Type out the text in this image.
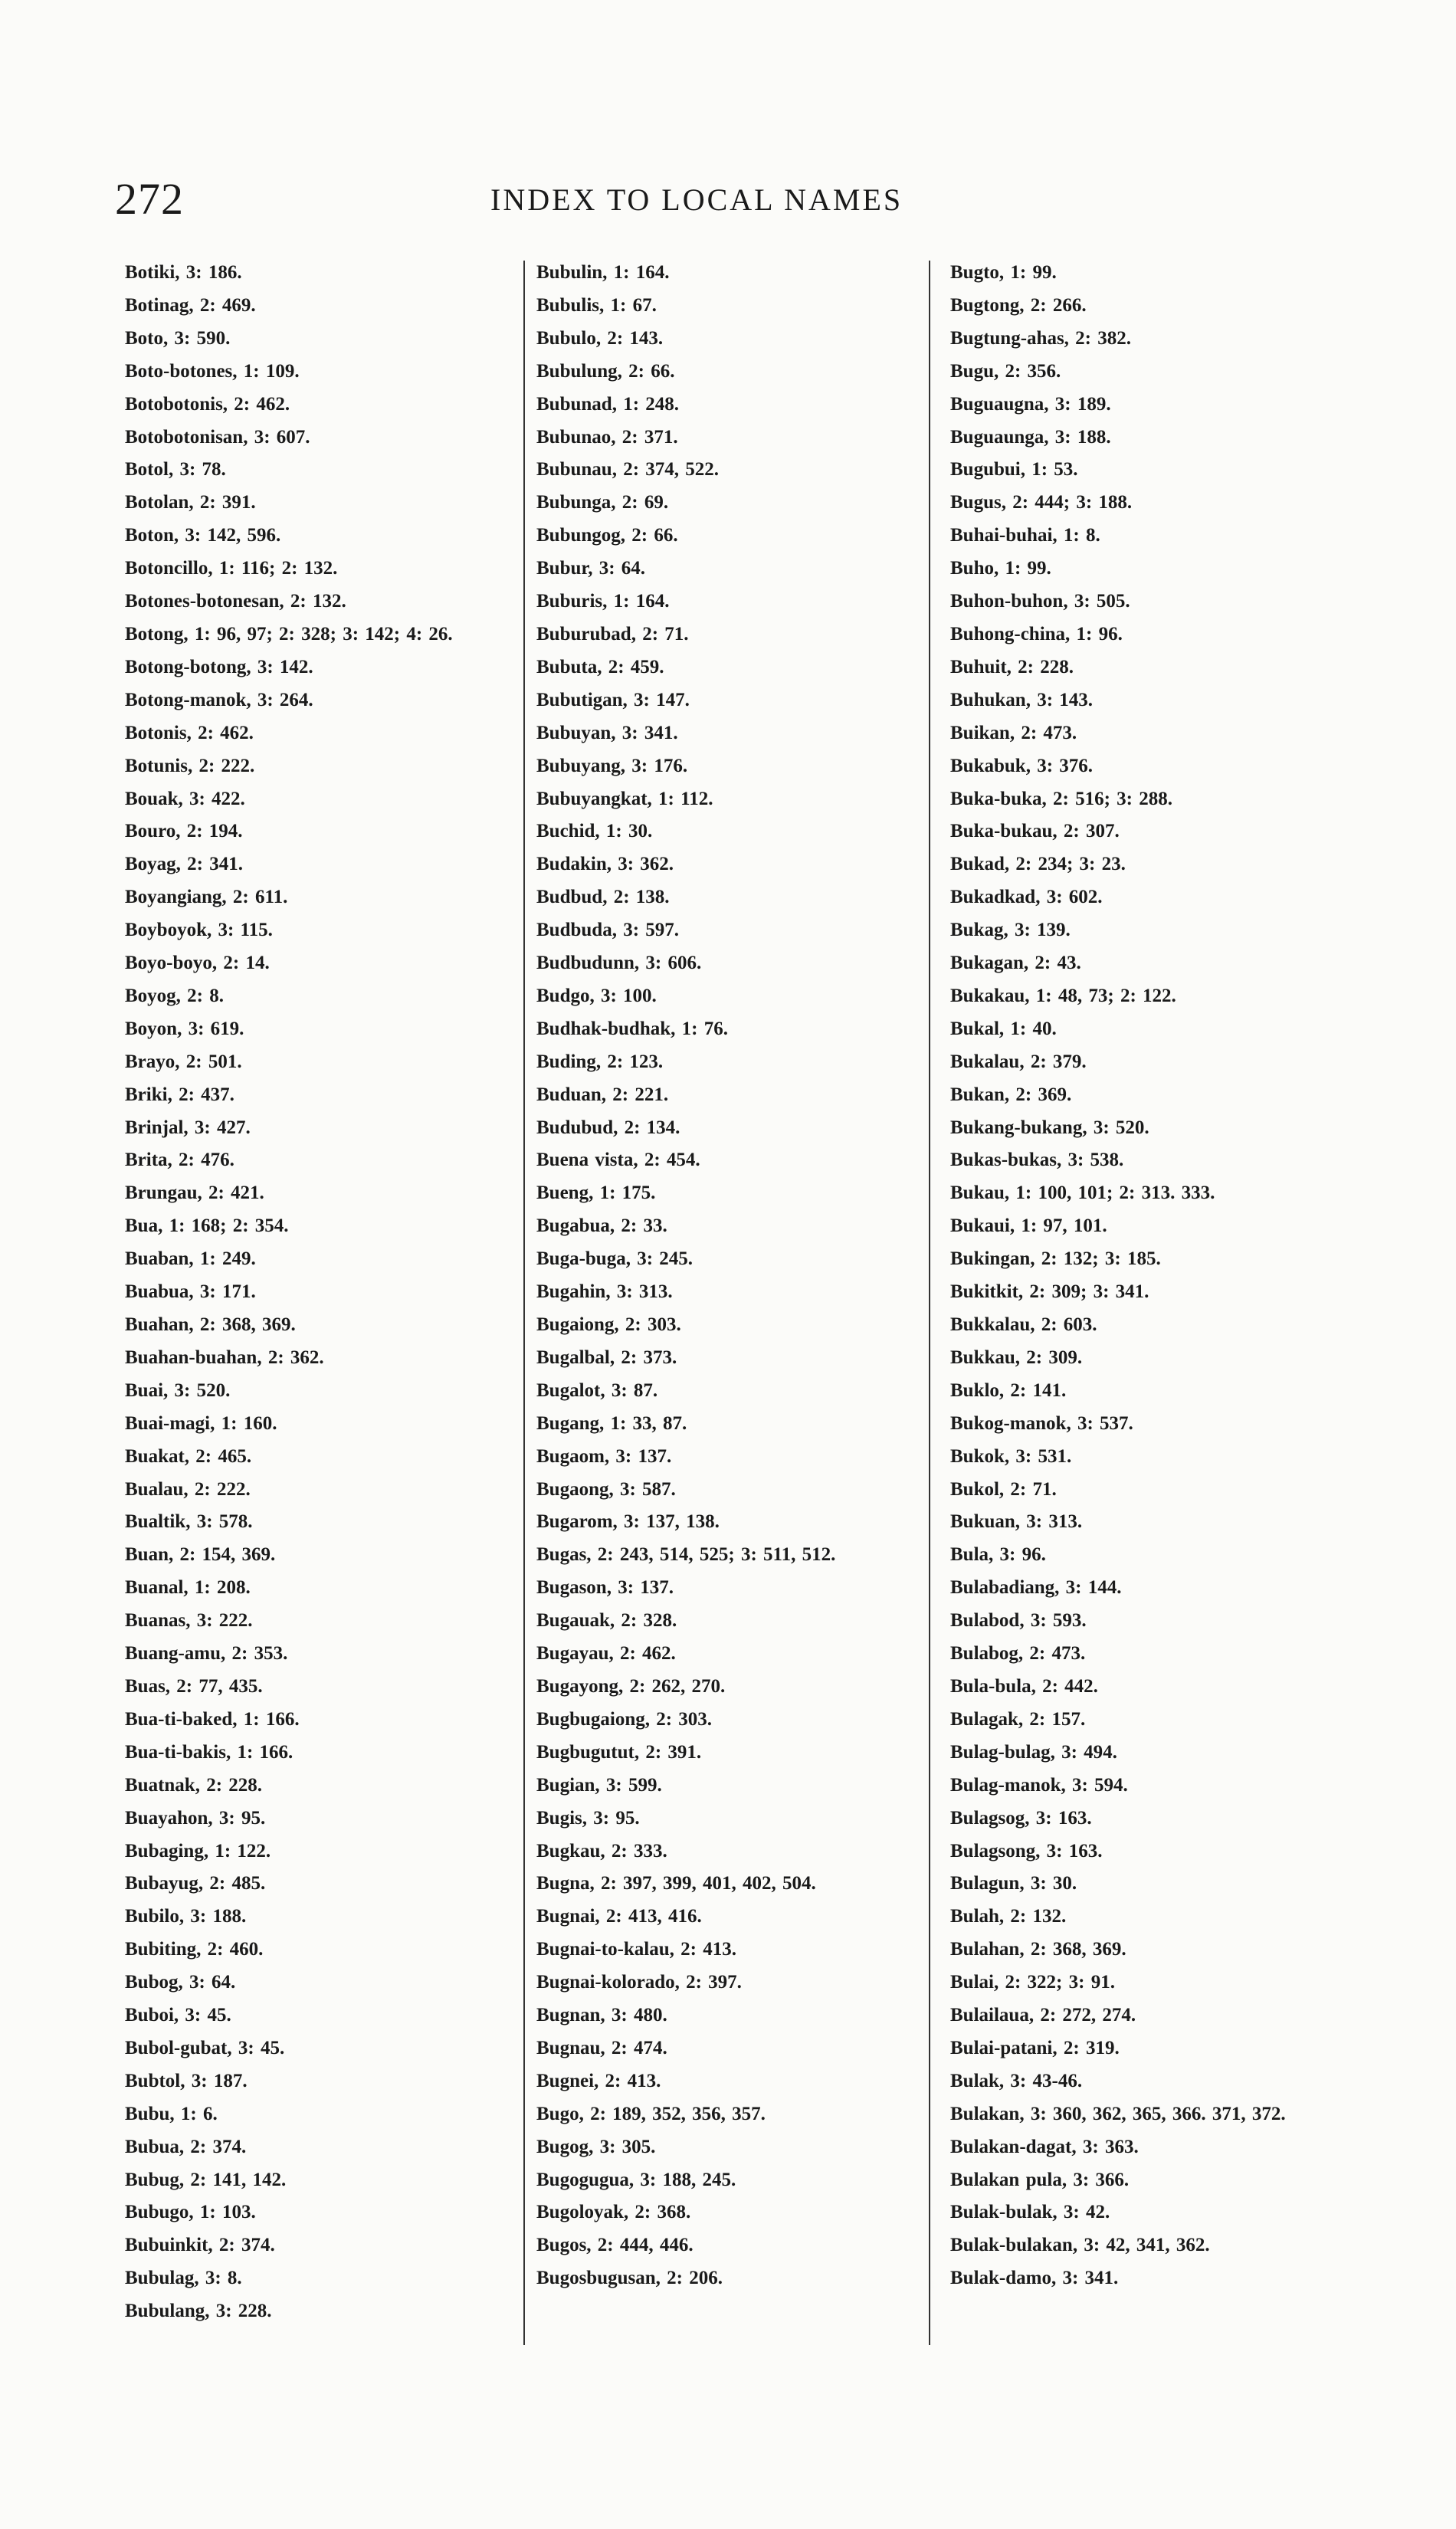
272	INDEX TO LOCAL NAMES
Botiki, 3: 186.
Botinag, 2: 469.
Boto, 3: 590.
Boto-botones, 1: 109.
Botobotonis, 2: 462.
Botobotonisan, 3: 607.
Botol, 3: 78.
Botolan, 2: 391.
Boton, 3: 142, 596.
Botoncillo, 1: 116; 2: 132.
Botones-botonesan, 2: 132.
Botong, 1: 96, 97; 2: 328; 3: 142; 4: 26.
Botong-botong, 3: 142.
Botong-manok, 3: 264.
Botonis, 2: 462.
Botunis, 2: 222.
Bouak, 3: 422.
Bouro, 2: 194.
Boyag, 2: 341.
Boyangiang, 2: 611.
Boyboyok, 3: 115.
Boyo-boyo, 2: 14.
Boyog, 2: 8.
Boyon, 3: 619.
Brayo, 2: 501.
Briki, 2: 437.
Brinjal, 3: 427.
Brita, 2: 476.
Brungau, 2: 421.
Bua, 1: 168; 2: 354.
Buaban, 1: 249.
Buabua, 3: 171.
Buahan, 2: 368, 369.
Buahan-buahan, 2: 362.
Buai, 3: 520.
Buai-magi, 1: 160.
Buakat, 2: 465.
Bualau, 2: 222.
Bualtik, 3: 578.
Buan, 2: 154, 369.
Buanal, 1: 208.
Buanas, 3: 222.
Buang-amu, 2: 353.
Buas, 2: 77, 435.
Bua-ti-baked, 1: 166.
Bua-ti-bakis, 1: 166.
Buatnak, 2: 228.
Buayahon, 3: 95.
Bubaging, 1: 122.
Bubayug, 2: 485.
Bubilo, 3: 188.
Bubiting, 2: 460.
Bubog, 3: 64.
Buboi, 3: 45.
Bubol-gubat, 3: 45.
Bubtol, 3: 187.
Bubu, 1: 6.
Bubua, 2: 374.
Bubug, 2: 141, 142.
Bubugo, 1: 103.
Bubuinkit, 2: 374.
Bubulag, 3: 8.
Bubulang, 3: 228.
Bubulin, 1: 164.
Bubulis, 1: 67.
Bubulo, 2: 143.
Bubulung, 2: 66.
Bubunad, 1: 248.
Bubunao, 2: 371.
Bubunau, 2: 374, 522.
Bubunga, 2: 69.
Bubungog, 2: 66.
Bubur, 3: 64.
Buburis, 1: 164.
Buburubad, 2: 71.
Bubuta, 2: 459.
Bubutigan, 3: 147.
Bubuyan, 3: 341.
Bubuyang, 3: 176.
Bubuyangkat, 1: 112.
Buchid, 1: 30.
Budakin, 3: 362.
Budbud, 2: 138.
Budbuda, 3: 597.
Budbudunn, 3: 606.
Budgo, 3: 100.
Budhak-budhak, 1: 76.
Buding, 2: 123.
Buduan, 2: 221.
Budubud, 2: 134.
Buena vista, 2: 454.
Bueng, 1: 175.
Bugabua, 2: 33.
Buga-buga, 3: 245.
Bugahin, 3: 313.
Bugaiong, 2: 303.
Bugalbal, 2: 373.
Bugalot, 3: 87.
Bugang, 1: 33, 87.
Bugaom, 3: 137.
Bugaong, 3: 587.
Bugarom, 3: 137, 138.
Bugas, 2: 243, 514, 525; 3: 511, 512.
Bugason, 3: 137.
Bugauak, 2: 328.
Bugayau, 2: 462.
Bugayong, 2: 262, 270.
Bugbugaiong, 2: 303.
Bugbugutut, 2: 391.
Bugian, 3: 599.
Bugis, 3: 95.
Bugkau, 2: 333.
Bugna, 2: 397, 399, 401, 402, 504.
Bugnai, 2: 413, 416.
Bugnai-to-kalau, 2: 413.
Bugnai-kolorado, 2: 397.
Bugnan, 3: 480.
Bugnau, 2: 474.
Bugnei, 2: 413.
Bugo, 2: 189, 352, 356, 357.
Bugog, 3: 305.
Bugogugua, 3: 188, 245.
Bugoloyak, 2: 368.
Bugos, 2: 444, 446.
Bugosbugusan, 2: 206.
Bugto, 1: 99.
Bugtong, 2: 266.
Bugtung-ahas, 2: 382.
Bugu, 2: 356.
Buguaugna, 3: 189.
Buguaunga, 3: 188.
Bugubui, 1: 53.
Bugus, 2: 444; 3: 188.
Buhai-buhai, 1: 8.
Buho, 1: 99.
Buhon-buhon, 3: 505.
Buhong-china, 1: 96.
Buhuit, 2: 228.
Buhukan, 3: 143.
Buikan, 2: 473.
Bukabuk, 3: 376.
Buka-buka, 2: 516; 3: 288.
Buka-bukau, 2: 307.
Bukad, 2: 234; 3: 23.
Bukadkad, 3: 602.
Bukag, 3: 139.
Bukagan, 2: 43.
Bukakau, 1: 48, 73; 2: 122.
Bukal, 1: 40.
Bukalau, 2: 379.
Bukan, 2: 369.
Bukang-bukang, 3: 520.
Bukas-bukas, 3: 538.
Bukau, 1: 100, 101; 2: 313. 333.
Bukaui, 1: 97, 101.
Bukingan, 2: 132; 3: 185.
Bukitkit, 2: 309; 3: 341.
Bukkalau, 2: 603.
Bukkau, 2: 309.
Buklo, 2: 141.
Bukog-manok, 3: 537.
Bukok, 3: 531.
Bukol, 2: 71.
Bukuan, 3: 313.
Bula, 3: 96.
Bulabadiang, 3: 144.
Bulabod, 3: 593.
Bulabog, 2: 473.
Bula-bula, 2: 442.
Bulagak, 2: 157.
Bulag-bulag, 3: 494.
Bulag-manok, 3: 594.
Bulagsog, 3: 163.
Bulagsong, 3: 163.
Bulagun, 3: 30.
Bulah, 2: 132.
Bulahan, 2: 368, 369.
Bulai, 2: 322; 3: 91.
Bulailaua, 2: 272, 274.
Bulai-patani, 2: 319.
Bulak, 3: 43-46.
Bulakan, 3: 360, 362, 365, 366. 371, 372.
Bulakan-dagat, 3: 363.
Bulakan pula, 3: 366.
Bulak-bulak, 3: 42.
Bulak-bulakan, 3: 42, 341, 362.
Bulak-damo, 3: 341.
